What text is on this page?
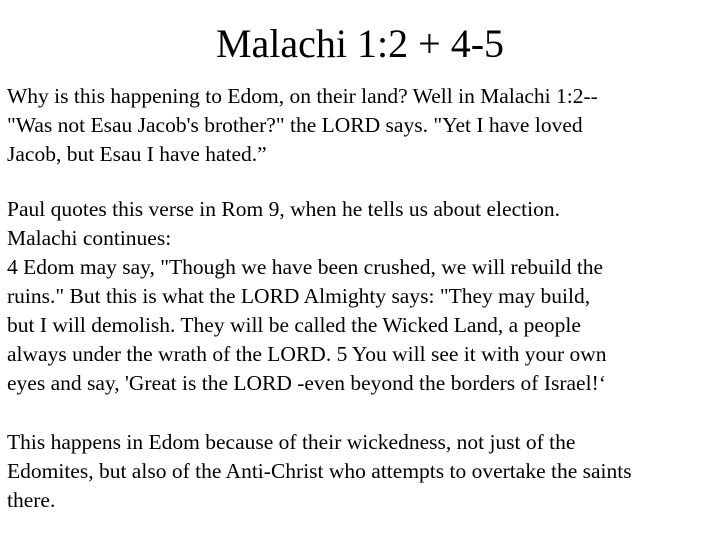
Malachi 1:2 + 4-5
Why is this happening to Edom, on their land? Well in Malachi 1:2--
"Was not Esau Jacob's brother?" the LORD says. "Yet I have loved
Jacob, but Esau I have hated.”
Paul quotes this verse in Rom 9, when he tells us about election.
Malachi continues:
4 Edom may say, "Though we have been crushed, we will rebuild the
ruins." But this is what the LORD Almighty says: "They may build,
but I will demolish. They will be called the Wicked Land, a people
always under the wrath of the LORD. 5 You will see it with your own
eyes and say, 'Great is the LORD -even beyond the borders of Israel!‘
This happens in Edom because of their wickedness, not just of the
Edomites, but also of the Anti-Christ who attempts to overtake the saints
there.
